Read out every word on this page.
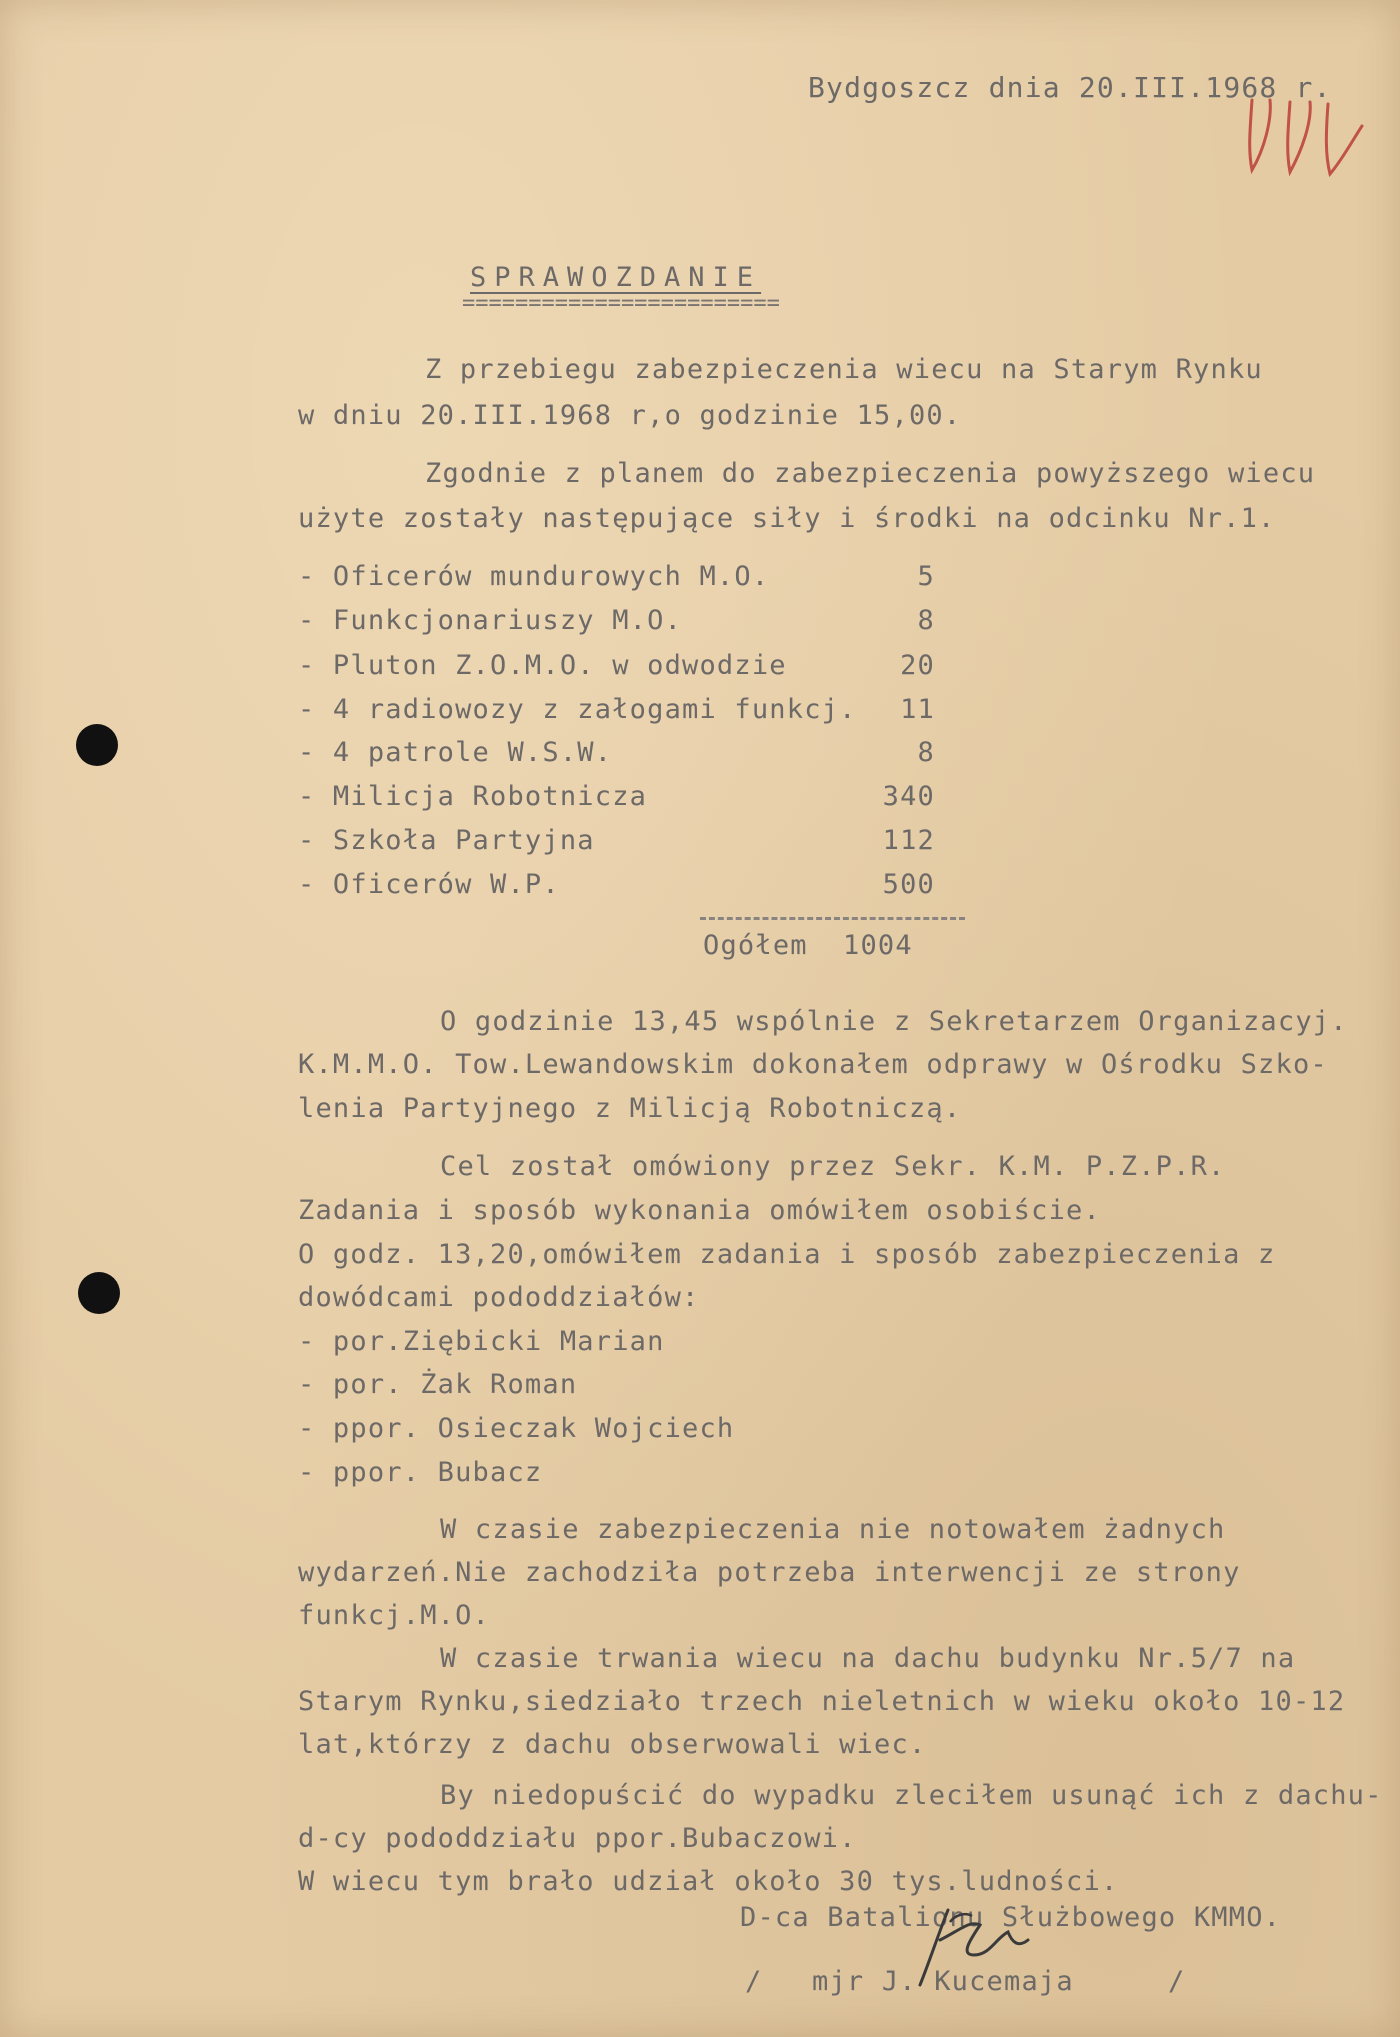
Bydgoszcz dnia 20.III.1968 r.
SPRAWOZDANIE
========================
Z przebiegu zabezpieczenia wiecu na Starym Rynku
w dniu 20.III.1968 r,o godzinie 15,00.
Zgodnie z planem do zabezpieczenia powyższego wiecu
użyte zostały następujące siły i środki na odcinku Nr.1.
- Oficerów mundurowych M.O.	5
- Funkcjonariuszy M.O.	8
- Pluton Z.O.M.O. w odwodzie	20
- 4 radiowozy z załogami funkcj.	11
- 4 patrole W.S.W.	8
- Milicja Robotnicza	340
- Szkoła Partyjna	112
- Oficerów W.P.	500
Ogółem 1004
O godzinie 13,45 wspólnie z Sekretarzem Organizacyj.
K.M.M.O. Tow.Lewandowskim dokonałem odprawy w Ośrodku Szko-
lenia Partyjnego z Milicją Robotniczą.
Cel został omówiony przez Sekr. K.M. P.Z.P.R.
Zadania i sposób wykonania omówiłem osobiście.
O godz. 13,20,omówiłem zadania i sposób zabezpieczenia z
dowódcami pododdziałów:
- por.Ziębicki Marian
- por. Żak Roman
- ppor. Osieczak Wojciech
- ppor. Bubacz
W czasie zabezpieczenia nie notowałem żadnych
wydarzeń.Nie zachodziła potrzeba interwencji ze strony
funkcj.M.O.
W czasie trwania wiecu na dachu budynku Nr.5/7 na
Starym Rynku,siedziało trzech nieletnich w wieku około 10-12
lat,którzy z dachu obserwowali wiec.
By niedopuścić do wypadku zleciłem usunąć ich z dachu-
d-cy pododdziału ppor.Bubaczowi.
W wiecu tym brało udział około 30 tys.ludności.
D-ca Batalionu Służbowego KMMO.
/ mjr J. Kucemaja	/
